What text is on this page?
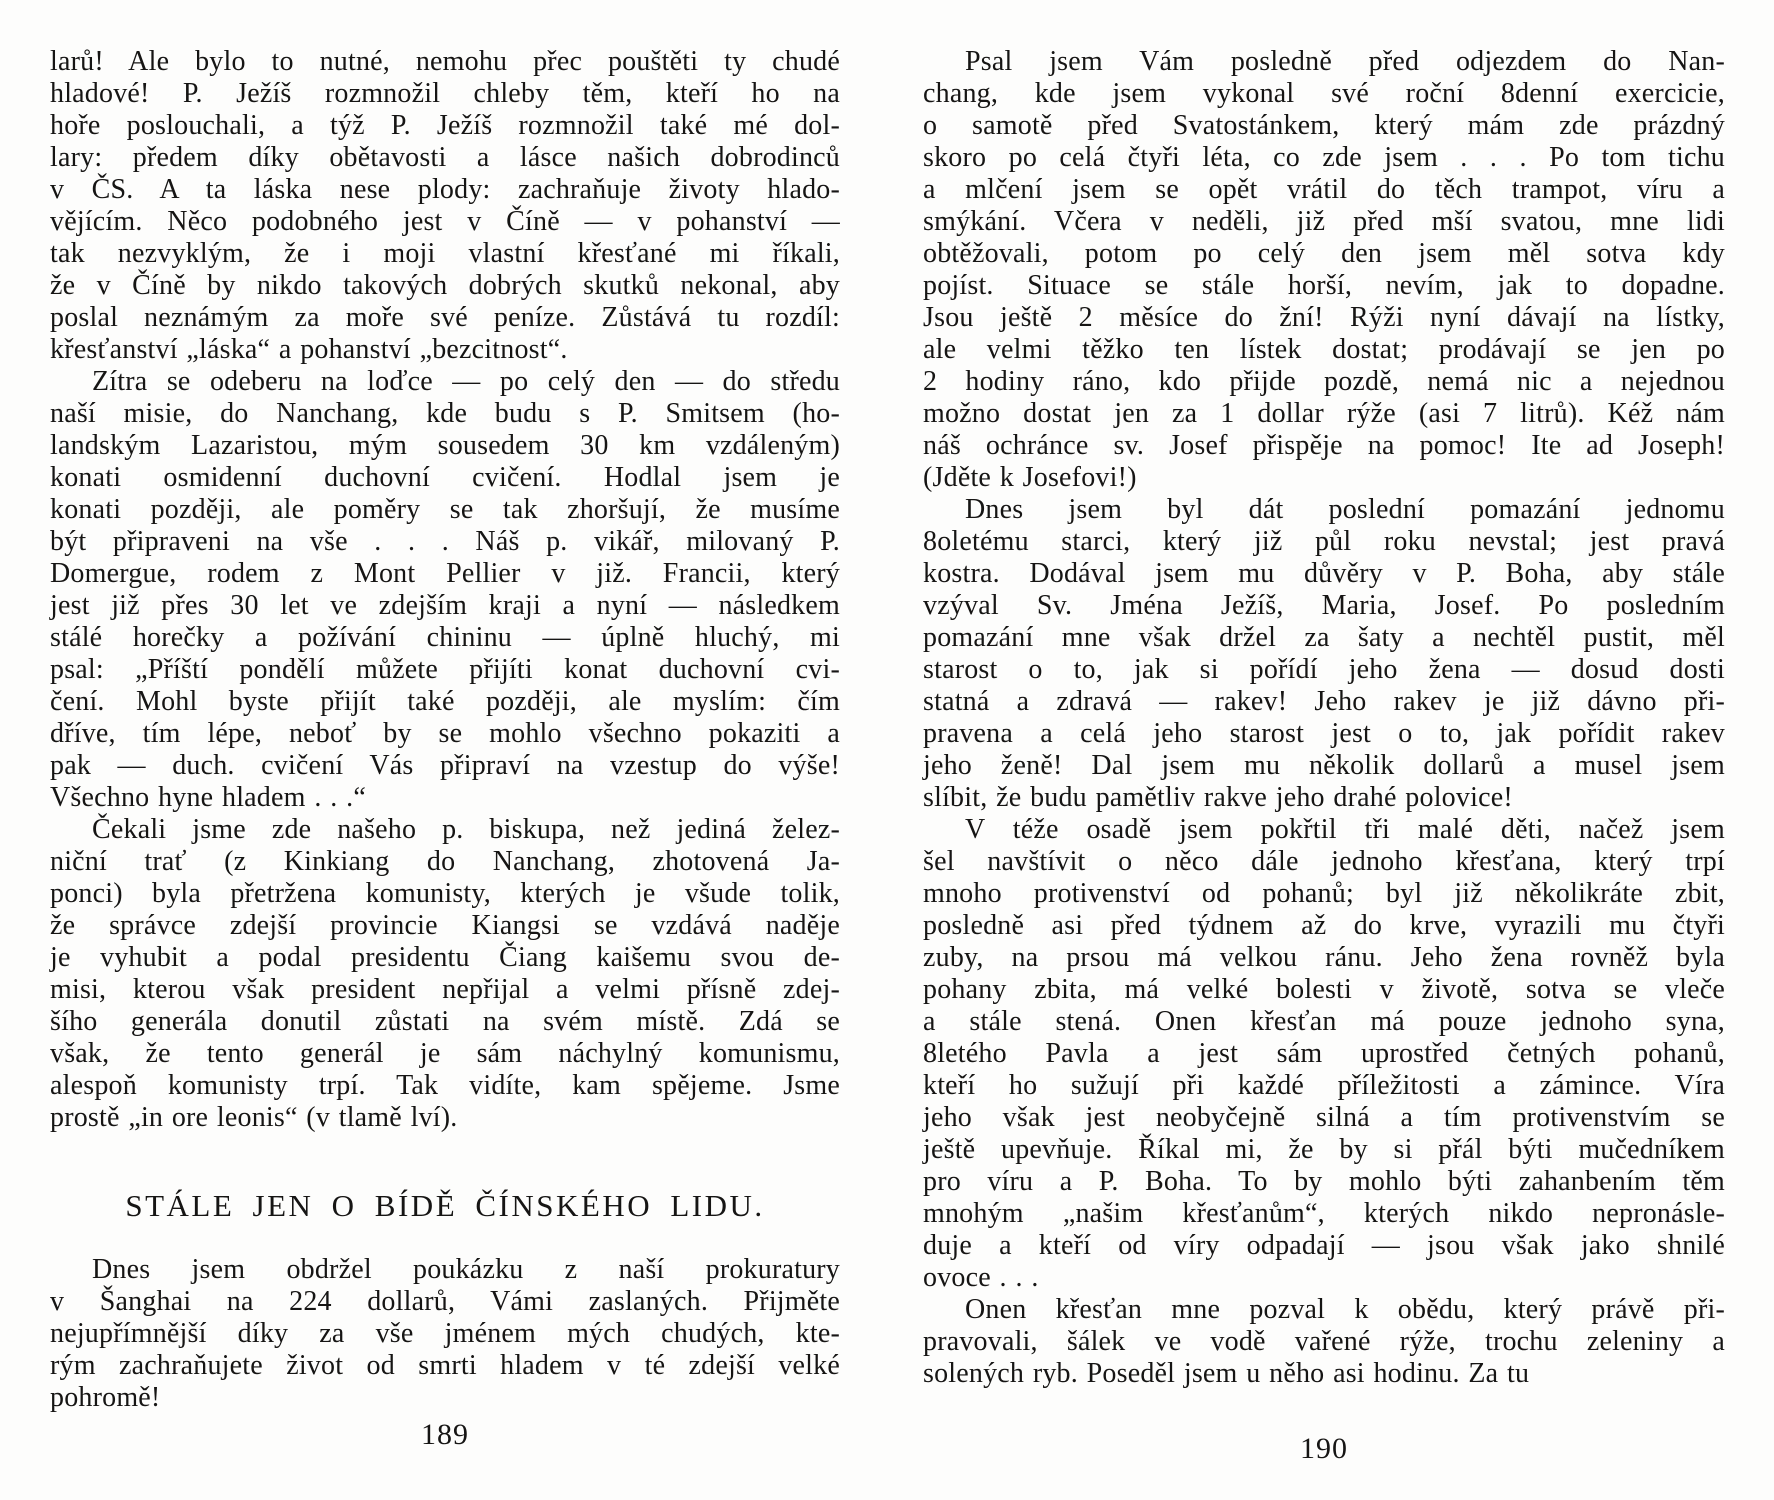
larů! Ale bylo to nutné, nemohu přec pouštěti ty chudé
hladové! P. Ježíš rozmnožil chleby těm, kteří ho na
hoře poslouchali, a týž P. Ježíš rozmnožil také mé dol-
lary: předem díky obětavosti a lásce našich dobrodinců
v ČS. A ta láska nese plody: zachraňuje životy hlado-
vějícím. Něco podobného jest v Číně — v pohanství —
tak nezvyklým, že i moji vlastní křesťané mi říkali,
že v Číně by nikdo takových dobrých skutků nekonal, aby
poslal neznámým za moře své peníze. Zůstává tu rozdíl:
křesťanství „láska“ a pohanství „bezcitnost“.
Zítra se odeberu na loďce — po celý den — do středu
naší misie, do Nanchang, kde budu s P. Smitsem (ho-
landským Lazaristou, mým sousedem 30 km vzdáleným)
konati osmidenní duchovní cvičení. Hodlal jsem je
konati později, ale poměry se tak zhoršují, že musíme
být připraveni na vše . . . Náš p. vikář, milovaný P.
Domergue, rodem z Mont Pellier v již. Francii, který
jest již přes 30 let ve zdejším kraji a nyní — následkem
stálé horečky a požívání chininu — úplně hluchý, mi
psal: „Příští pondělí můžete přijíti konat duchovní cvi-
čení. Mohl byste přijít také později, ale myslím: čím
dříve, tím lépe, neboť by se mohlo všechno pokaziti a
pak — duch. cvičení Vás připraví na vzestup do výše!
Všechno hyne hladem . . .“
Čekali jsme zde našeho p. biskupa, než jediná želez-
niční trať (z Kinkiang do Nanchang, zhotovená Ja-
ponci) byla přetržena komunisty, kterých je všude tolik,
že správce zdejší provincie Kiangsi se vzdává naděje
je vyhubit a podal presidentu Čiang kaišemu svou de-
misi, kterou však president nepřijal a velmi přísně zdej-
šího generála donutil zůstati na svém místě. Zdá se
však, že tento generál je sám náchylný komunismu,
alespoň komunisty trpí. Tak vidíte, kam spějeme. Jsme
prostě „in ore leonis“ (v tlamě lví).
STÁLE JEN O BÍDĚ ČÍNSKÉHO LIDU.
Dnes jsem obdržel poukázku z naší prokuratury
v Šanghai na 224 dollarů, Vámi zaslaných. Přijměte
nejupřímnější díky za vše jménem mých chudých, kte-
rým zachraňujete život od smrti hladem v té zdejší velké
pohromě!
Psal jsem Vám posledně před odjezdem do Nan-
chang, kde jsem vykonal své roční 8denní exercicie,
o samotě před Svatostánkem, který mám zde prázdný
skoro po celá čtyři léta, co zde jsem . . . Po tom tichu
a mlčení jsem se opět vrátil do těch trampot, víru a
smýkání. Včera v neděli, již před mší svatou, mne lidi
obtěžovali, potom po celý den jsem měl sotva kdy
pojíst. Situace se stále horší, nevím, jak to dopadne.
Jsou ještě 2 měsíce do žní! Rýži nyní dávají na lístky,
ale velmi těžko ten lístek dostat; prodávají se jen po
2 hodiny ráno, kdo přijde pozdě, nemá nic a nejednou
možno dostat jen za 1 dollar rýže (asi 7 litrů). Kéž nám
náš ochránce sv. Josef přispěje na pomoc! Ite ad Joseph!
(Jděte k Josefovi!)
Dnes jsem byl dát poslední pomazání jednomu
8oletému starci, který již půl roku nevstal; jest pravá
kostra. Dodával jsem mu důvěry v P. Boha, aby stále
vzýval Sv. Jména Ježíš, Maria, Josef. Po posledním
pomazání mne však držel za šaty a nechtěl pustit, měl
starost o to, jak si pořídí jeho žena — dosud dosti
statná a zdravá — rakev! Jeho rakev je již dávno při-
pravena a celá jeho starost jest o to, jak pořídit rakev
jeho ženě! Dal jsem mu několik dollarů a musel jsem
slíbit, že budu pamětliv rakve jeho drahé polovice!
V téže osadě jsem pokřtil tři malé děti, načež jsem
šel navštívit o něco dále jednoho křesťana, který trpí
mnoho protivenství od pohanů; byl již několikráte zbit,
posledně asi před týdnem až do krve, vyrazili mu čtyři
zuby, na prsou má velkou ránu. Jeho žena rovněž byla
pohany zbita, má velké bolesti v životě, sotva se vleče
a stále stená. Onen křesťan má pouze jednoho syna,
8letého Pavla a jest sám uprostřed četných pohanů,
kteří ho sužují při každé příležitosti a zámince. Víra
jeho však jest neobyčejně silná a tím protivenstvím se
ještě upevňuje. Říkal mi, že by si přál býti mučedníkem
pro víru a P. Boha. To by mohlo býti zahanbením těm
mnohým „našim křesťanům“, kterých nikdo nepronásle-
duje a kteří od víry odpadají — jsou však jako shnilé
ovoce . . .
Onen křesťan mne pozval k obědu, který právě při-
pravovali, šálek ve vodě vařené rýže, trochu zeleniny a
solených ryb. Poseděl jsem u něho asi hodinu. Za tu
189	190
